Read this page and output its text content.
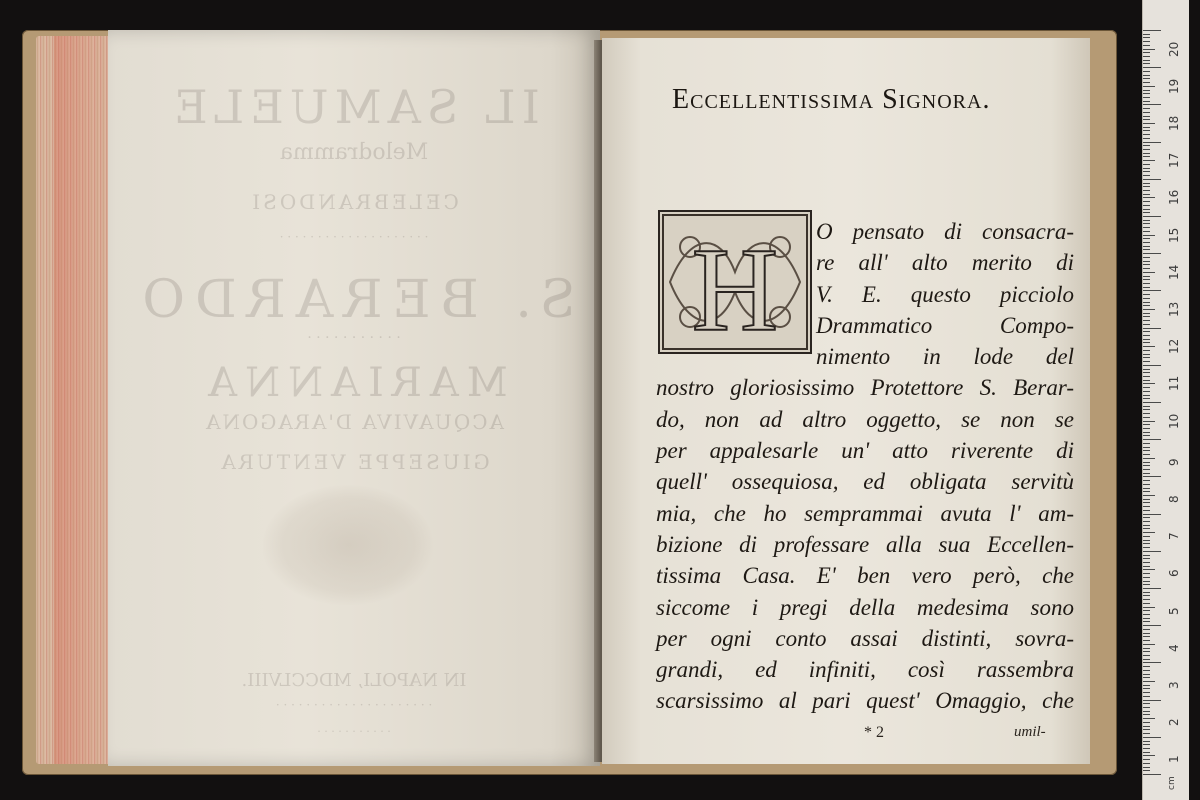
IL SAMUELE
Melodramma
CELEBRANDOSI
· · · · · · · · · · · · · · · · · · · ·
S. BERARDO
· · · · · · · · · · ·
MARIANNA
ACQUAVIVA D'ARAGONA
GIUSEPPE VENTURA
IN NAPOLI, MDCCLVIII.
· · · · · · · · · · · · · · · · · · · · ·
· · · · · · · · · · ·
Eccellentissima Signora.
H	O pensato di consacra-
re all' alto merito di
V. E. questo picciolo
Drammatico Compo-
nimento in lode del
nostro gloriosissimo Protettore S. Berar-
do, non ad altro oggetto, se non se
per appalesarle un' atto riverente di
quell' ossequiosa, ed obligata servitù
mia, che ho semprammai avuta l' am-
bizione di professare alla sua Eccellen-
tissima Casa. E' ben vero però, che
siccome i pregi della medesima sono
per ogni conto assai distinti, sovra-
grandi, ed infiniti, così rassembra
scarsissimo al pari quest' Omaggio, che
* 2	umil-
20
19
18
17
16
15
14
13
12
11
10
9
8
7
6
5
4
3
2
1
cm
